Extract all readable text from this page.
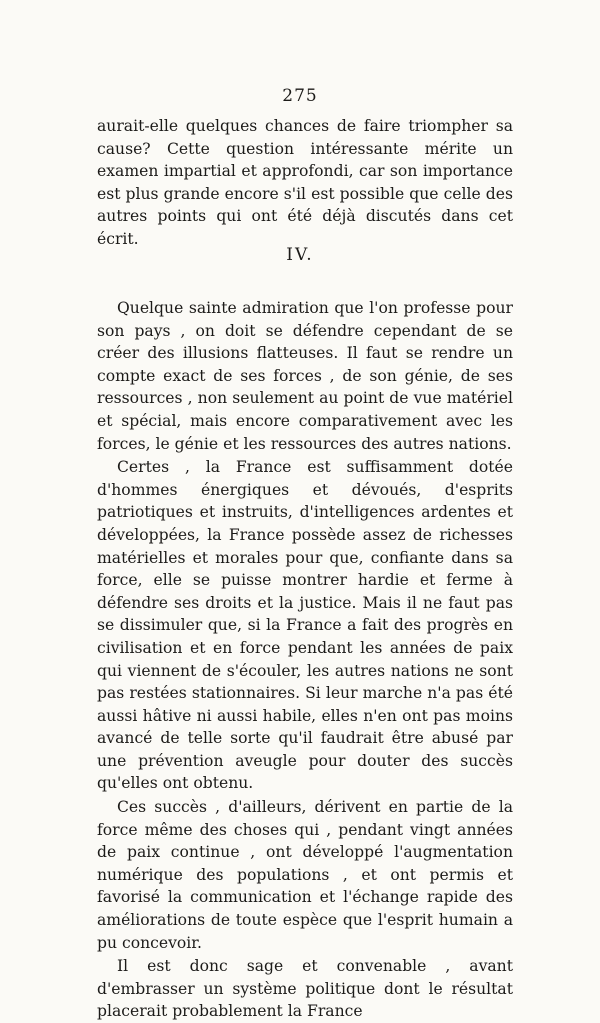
275

aurait-elle quelques chances de faire triompher sa cause? Cette question intéressante mérite un examen impartial et approfondi, car son importance est plus grande encore s'il est possible que celle des autres points qui ont été déjà discutés dans cet écrit.

IV.

Quelque sainte admiration que l'on professe pour son pays , on doit se défendre cependant de se créer des illusions flatteuses. Il faut se rendre un compte exact de ses forces , de son génie, de ses ressources , non seulement au point de vue matériel et spécial, mais encore comparativement avec les forces, le génie et les ressources des autres nations.

Certes , la France est suffisamment dotée d'hommes énergiques et dévoués, d'esprits patriotiques et instruits, d'intelligences ardentes et développées, la France possède assez de richesses matérielles et morales pour que, confiante dans sa force, elle se puisse montrer hardie et ferme à défendre ses droits et la justice. Mais il ne faut pas se dissimuler que, si la France a fait des progrès en civilisation et en force pendant les années de paix qui viennent de s'écouler, les autres nations ne sont pas restées stationnaires. Si leur marche n'a pas été aussi hâtive ni aussi habile, elles n'en ont pas moins avancé de telle sorte qu'il faudrait être abusé par une prévention aveugle pour douter des succès qu'elles ont obtenu.

Ces succès , d'ailleurs, dérivent en partie de la force même des choses qui , pendant vingt années de paix continue , ont développé l'augmentation numérique des populations , et ont permis et favorisé la communication et l'échange rapide des améliorations de toute espèce que l'esprit humain a pu concevoir.

Il est donc sage et convenable , avant d'embrasser un système politique dont le résultat placerait probablement la France
